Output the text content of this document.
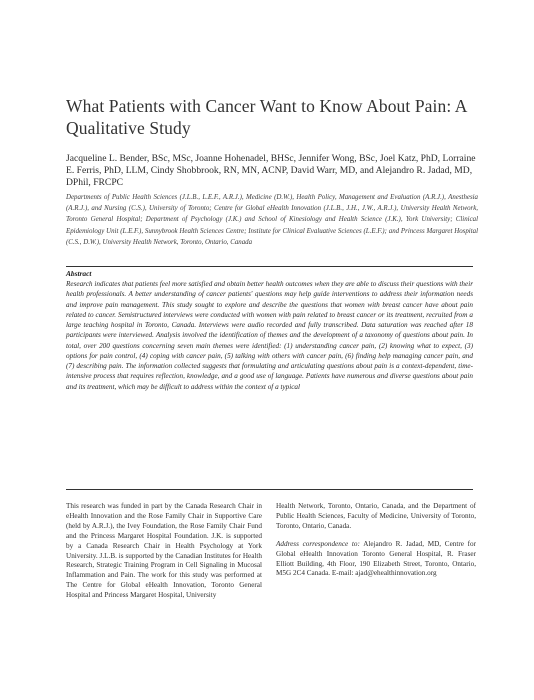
What Patients with Cancer Want to Know About Pain: A Qualitative Study
Jacqueline L. Bender, BSc, MSc, Joanne Hohenadel, BHSc, Jennifer Wong, BSc, Joel Katz, PhD, Lorraine E. Ferris, PhD, LLM, Cindy Shobbrook, RN, MN, ACNP, David Warr, MD, and Alejandro R. Jadad, MD, DPhil, FRCPC
Departments of Public Health Sciences (J.L.B., L.E.F., A.R.J.), Medicine (D.W.), Health Policy, Management and Evaluation (A.R.J.), Anesthesia (A.R.J.), and Nursing (C.S.), University of Toronto; Centre for Global eHealth Innovation (J.L.B., J.H., J.W., A.R.J.), University Health Network, Toronto General Hospital; Department of Psychology (J.K.) and School of Kinesiology and Health Science (J.K.), York University; Clinical Epidemiology Unit (L.E.F.), Sunnybrook Health Sciences Centre; Institute for Clinical Evaluative Sciences (L.E.F.); and Princess Margaret Hospital (C.S., D.W.), University Health Network, Toronto, Ontario, Canada
Abstract
Research indicates that patients feel more satisfied and obtain better health outcomes when they are able to discuss their questions with their health professionals. A better understanding of cancer patients' questions may help guide interventions to address their information needs and improve pain management. This study sought to explore and describe the questions that women with breast cancer have about pain related to cancer. Semistructured interviews were conducted with women with pain related to breast cancer or its treatment, recruited from a large teaching hospital in Toronto, Canada. Interviews were audio recorded and fully transcribed. Data saturation was reached after 18 participants were interviewed. Analysis involved the identification of themes and the development of a taxonomy of questions about pain. In total, over 200 questions concerning seven main themes were identified: (1) understanding cancer pain, (2) knowing what to expect, (3) options for pain control, (4) coping with cancer pain, (5) talking with others with cancer pain, (6) finding help managing cancer pain, and (7) describing pain. The information collected suggests that formulating and articulating questions about pain is a context-dependent, time-intensive process that requires reflection, knowledge, and a good use of language. Patients have numerous and diverse questions about pain and its treatment, which may be difficult to address within the context of a typical

This research was funded in part by the Canada Research Chair in eHealth Innovation and the Rose Family Chair in Supportive Care (held by A.R.J.), the Ivey Foundation, the Rose Family Chair Fund and the Princess Margaret Hospital Foundation. J.K. is supported by a Canada Research Chair in Health Psychology at York University. J.L.B. is supported by the Canadian Institutes for Health Research, Strategic Training Program in Cell Signaling in Mucosal Inflammation and Pain. The work for this study was performed at The Centre for Global eHealth Innovation, Toronto General Hospital and Princess Margaret Hospital, University

Health Network, Toronto, Ontario, Canada, and the Department of Public Health Sciences, Faculty of Medicine, University of Toronto, Toronto, Ontario, Canada.

Address correspondence to: Alejandro R. Jadad, MD, Centre for Global eHealth Innovation Toronto General Hospital, R. Fraser Elliott Building, 4th Floor, 190 Elizabeth Street, Toronto, Ontario, M5G 2C4 Canada. E-mail: ajad@ehealthinnovation.org
